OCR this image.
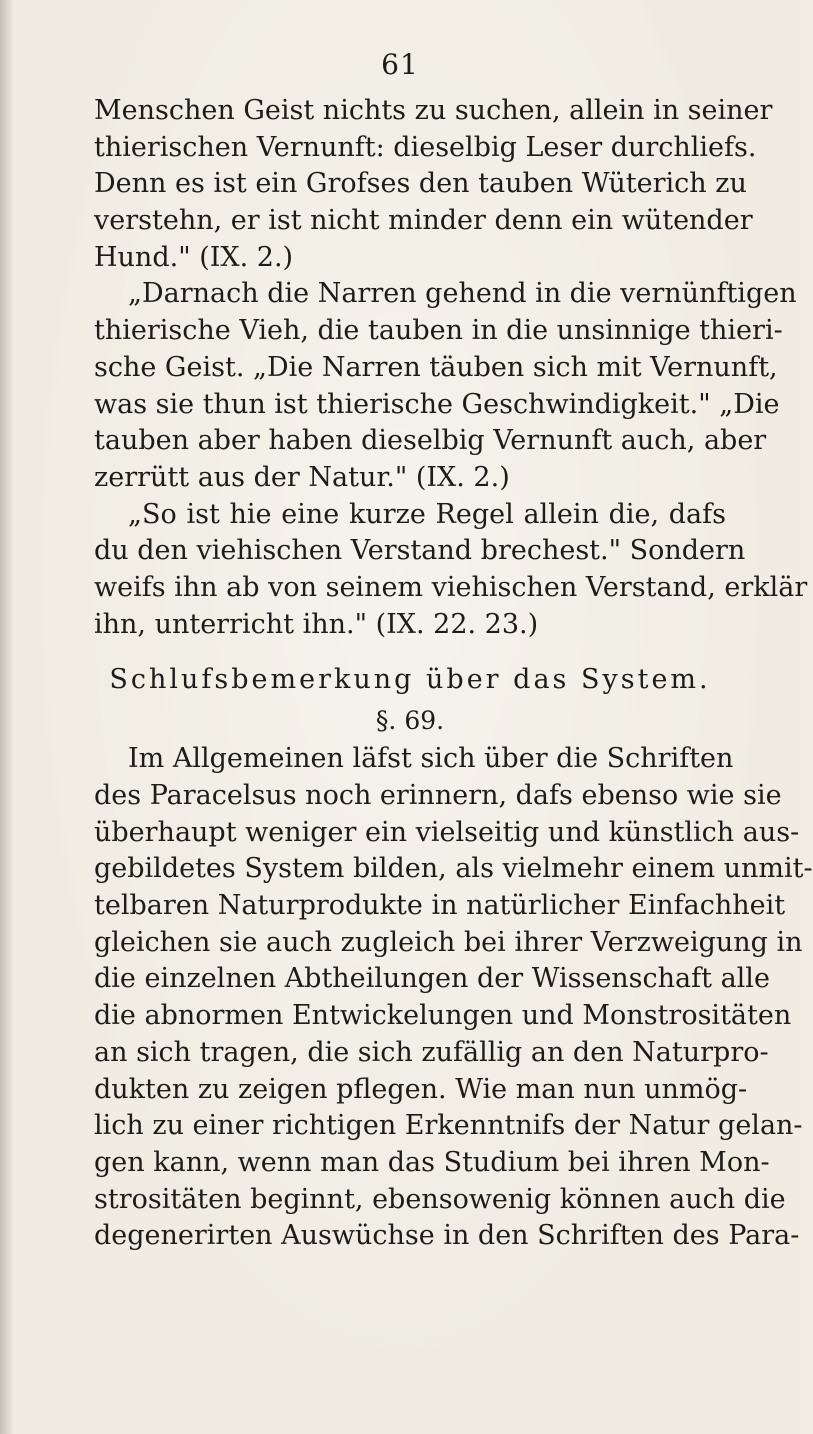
61
Menschen Geist nichts zu suchen, allein in seiner
thierischen Vernunft: dieselbig Leser durchliefs.
Denn es ist ein Grofses den tauben Wüterich zu
verstehn, er ist nicht minder denn ein wütender
Hund." (IX. 2.)
„Darnach die Narren gehend in die vernünftigen
thierische Vieh, die tauben in die unsinnige thieri-
sche Geist. „Die Narren täuben sich mit Vernunft,
was sie thun ist thierische Geschwindigkeit." „Die
tauben aber haben dieselbig Vernunft auch, aber
zerrütt aus der Natur." (IX. 2.)
„So ist hie eine kurze Regel allein die, dafs
du den viehischen Verstand brechest." Sondern
weifs ihn ab von seinem viehischen Verstand, erklär
ihn, unterricht ihn." (IX. 22. 23.)
Schlufsbemerkung über das System.
§. 69.
Im Allgemeinen läfst sich über die Schriften
des Paracelsus noch erinnern, dafs ebenso wie sie
überhaupt weniger ein vielseitig und künstlich aus-
gebildetes System bilden, als vielmehr einem unmit-
telbaren Naturprodukte in natürlicher Einfachheit
gleichen sie auch zugleich bei ihrer Verzweigung in
die einzelnen Abtheilungen der Wissenschaft alle
die abnormen Entwickelungen und Monstrositäten
an sich tragen, die sich zufällig an den Naturpro-
dukten zu zeigen pflegen. Wie man nun unmög-
lich zu einer richtigen Erkenntnifs der Natur gelan-
gen kann, wenn man das Studium bei ihren Mon-
strositäten beginnt, ebensowenig können auch die
degenerirten Auswüchse in den Schriften des Para-
